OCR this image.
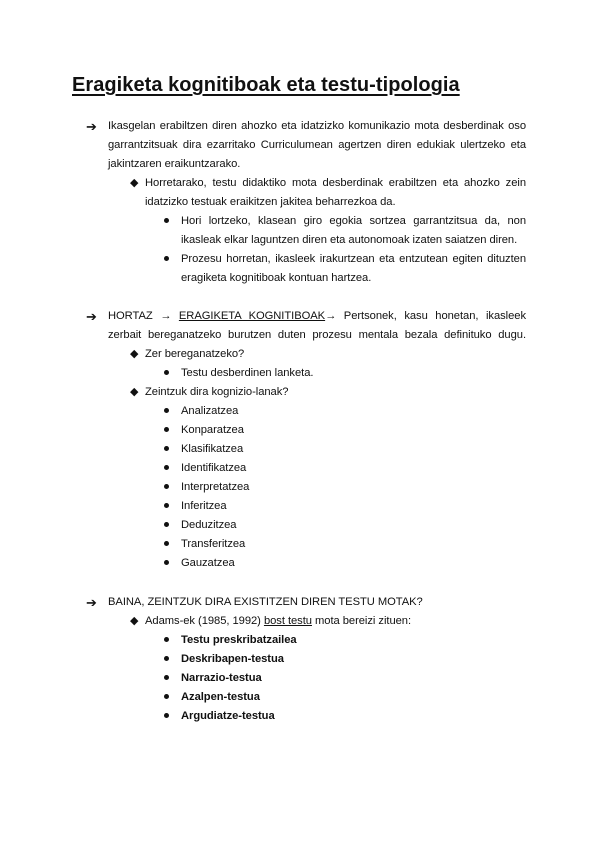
Eragiketa kognitiboak eta testu-tipologia
➔ Ikasgelan erabiltzen diren ahozko eta idatzizko komunikazio mota desberdinak oso garrantzitsuak dira ezarritako Curriculumean agertzen diren edukiak ulertzeko eta jakintzaren eraikuntzarako.

◆ Horretarako, testu didaktiko mota desberdinak erabiltzen eta ahozko zein idatzizko testuak eraikitzen jakitea beharrezkoa da.

Hori lortzeko, klasean giro egokia sortzea garrantzitsua da, non ikasleak elkar laguntzen diren eta autonomoak izaten saiatzen diren.

Prozesu horretan, ikasleek irakurtzean eta entzutean egiten dituzten eragiketa kognitiboak kontuan hartzea.

➔ HORTAZ → ERAGIKETA KOGNITIBOAK→ Pertsonek, kasu honetan, ikasleek zerbait bereganatzeko burutzen duten prozesu mentala bezala definituko dugu.

◆ Zer bereganatzeko?

Testu desberdinen lanketa.

◆ Zeintzuk dira kognizio-lanak?

Analizatzea

Konparatzea

Klasifikatzea

Identifikatzea

Interpretatzea

Inferitzea

Deduzitzea

Transferitzea

Gauzatzea

➔ BAINA, ZEINTZUK DIRA EXISTITZEN DIREN TESTU MOTAK?

◆ Adams-ek (1985, 1992) bost testu mota bereizi zituen:

Testu preskribatzailea

Deskribapen-testua

Narrazio-testua

Azalpen-testua

Argudiatze-testua
